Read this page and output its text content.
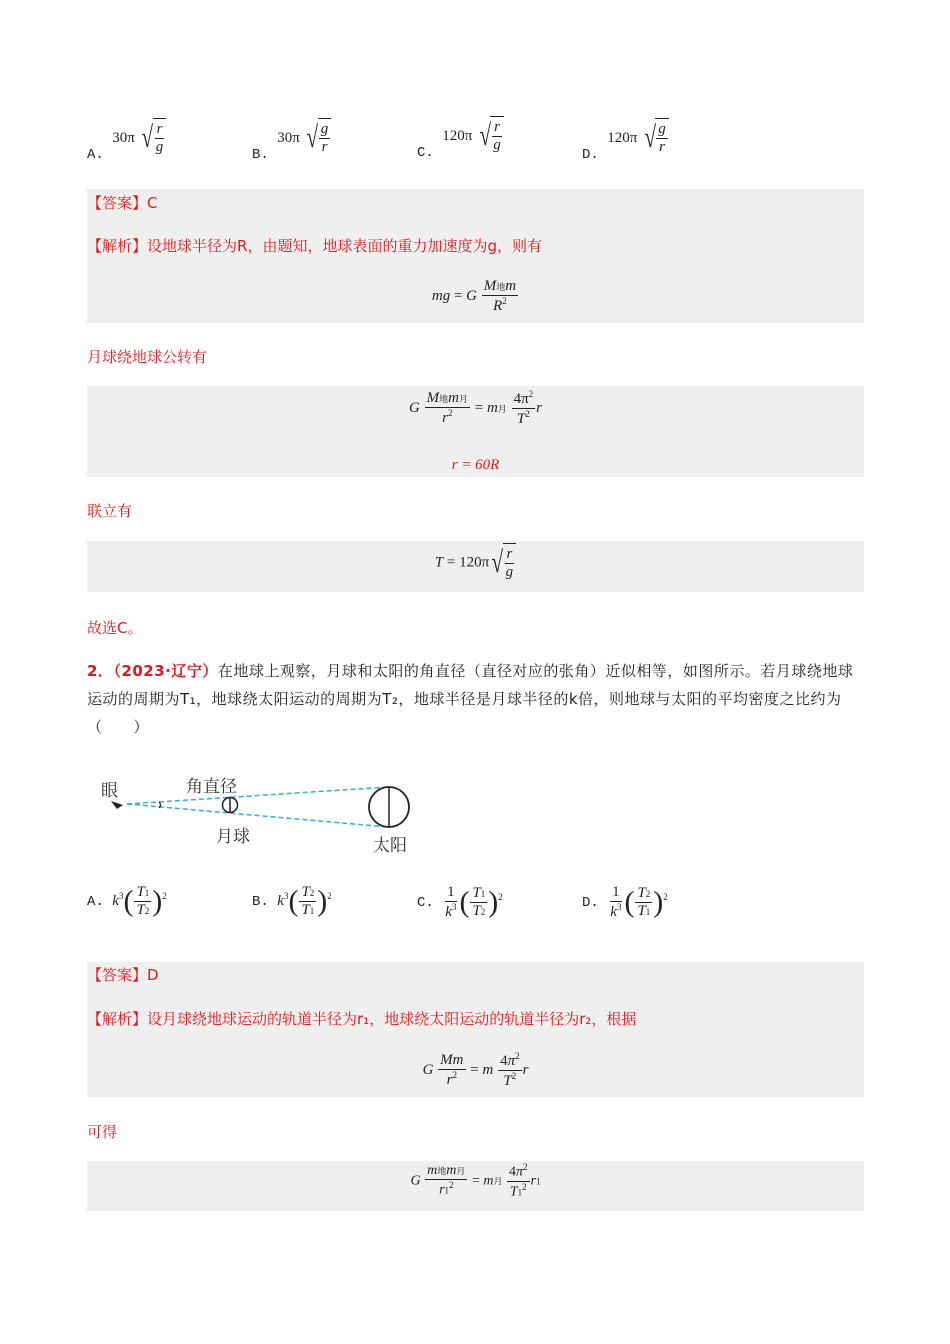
A. 30π √ $\frac{r}{g}$	B. 30π √ $\frac{g}{r}$	C. 120π √ $\frac{r}{g}$
D. 120π √ $\frac{g}{r}$
【答案】C
【解析】设地球半径为R，由题知，地球表面的重力加速度为g，则有
mg = G $\frac{\text{M地m}}{R^2}$
月球绕地球公转有
G $\frac{\text{M地m月}}{r^2} = m$月 $\frac{4\pi^2}{T^2}$ r
r = 60R
联立有
T = 120π √ $\frac{r}{g}$
故选C。
2．（2023·辽宁）在地球上观察，月球和太阳的角直径（直径对应的张角）近似相等，如图所示。若月球绕地球运动的周期为T₁，地球绕太阳运动的周期为T₂，地球半径是月球半径的k倍，则地球与太阳的平均密度之比约为（　　）
眼	角直径
月球	太阳
A. $k^3( \frac{T1}{T2} )^2$	B. $k^3( \frac{T2}{T1} )^2$	C. $\frac{1}{k^3}$ ( $\frac{T1}{T2} )^2$	D. $\frac{1}{k^3}$ ( $\frac{T2}{T1} )^2$
【答案】D
【解析】设月球绕地球运动的轨道半径为r₁，地球绕太阳运动的轨道半径为r₂，根据
G $\frac{Mm}{r^2} = m \frac{4\pi^2}{T^2}$ r
可得
G $\frac{\text{m地m月}}{r1^2} = m$月 $\frac{4\pi^2}{T1^2} r1$
